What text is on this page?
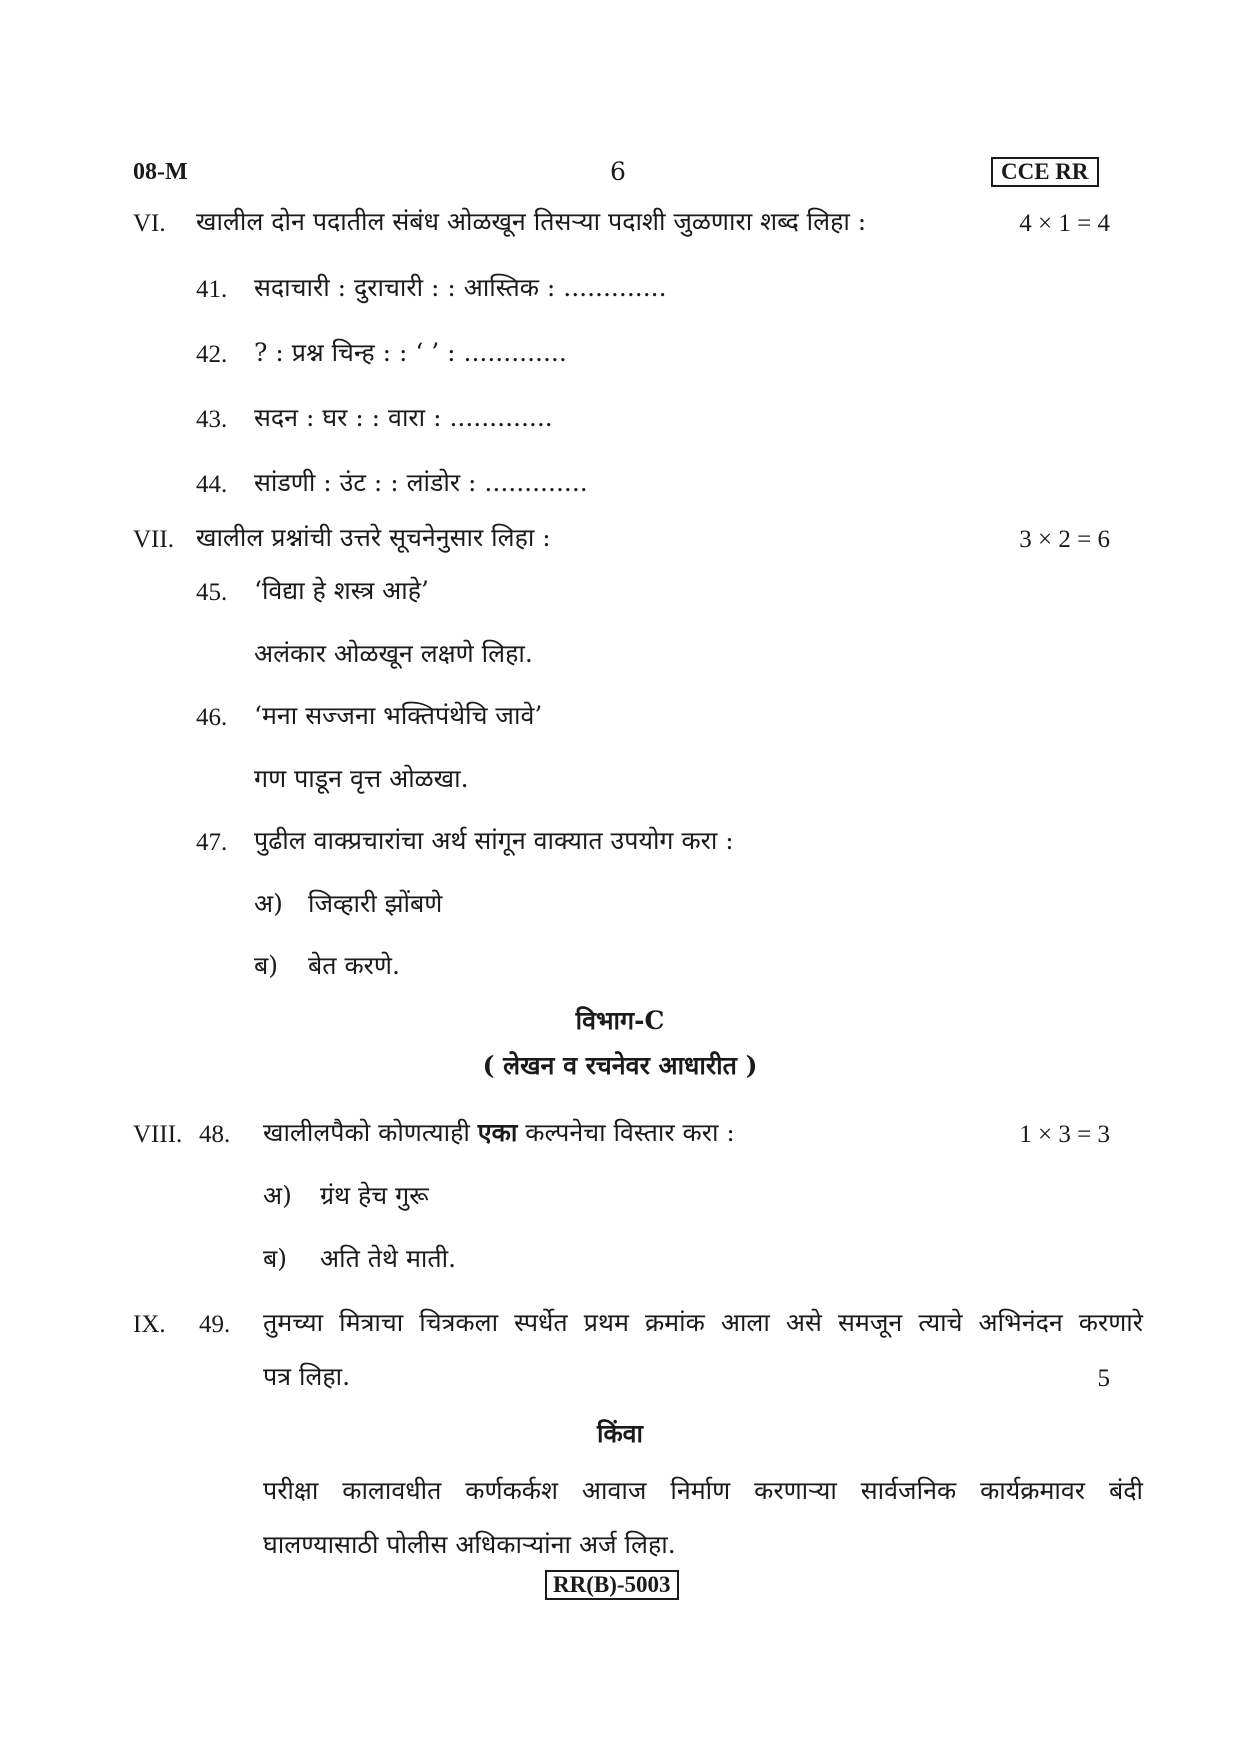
08-M	6	CCE RR
VI. खालील दोन पदातील संबंध ओळखून तिसऱ्या पदाशी जुळणारा शब्द लिहा :	4 × 1 = 4
41. सदाचारी : दुराचारी : : आस्तिक : .............
42. ? : प्रश्न चिन्ह : : ‘ ’ : .............
43. सदन : घर : : वारा : .............
44. सांडणी : उंट : : लांडोर : .............
VII. खालील प्रश्नांची उत्तरे सूचनेनुसार लिहा :	3 × 2 = 6
45. ‘विद्या हे शस्त्र आहे’
अलंकार ओळखून लक्षणे लिहा.
46. ‘मना सज्जना भक्तिपंथेचि जावे’
गण पाडून वृत्त ओळखा.
47. पुढील वाक्प्रचारांचा अर्थ सांगून वाक्यात उपयोग करा :
अ) जिव्हारी झोंबणे
ब) बेत करणे.
विभाग-C
( लेखन व रचनेवर आधारीत )
VIII. 48. खालीलपैको कोणत्याही एका कल्पनेचा विस्तार करा :	1 × 3 = 3
अ) ग्रंथ हेच गुरू
ब) अति तेथे माती.
IX. 49. तुमच्या मित्राचा चित्रकला स्पर्धेत प्रथम क्रमांक आला असे समजून त्याचे अभिनंदन करणारे
पत्र लिहा.	5
किंवा
परीक्षा कालावधीत कर्णकर्कश आवाज निर्माण करणाऱ्या सार्वजनिक कार्यक्रमावर बंदी
घालण्यासाठी पोलीस अधिकाऱ्यांना अर्ज लिहा.
RR(B)-5003
